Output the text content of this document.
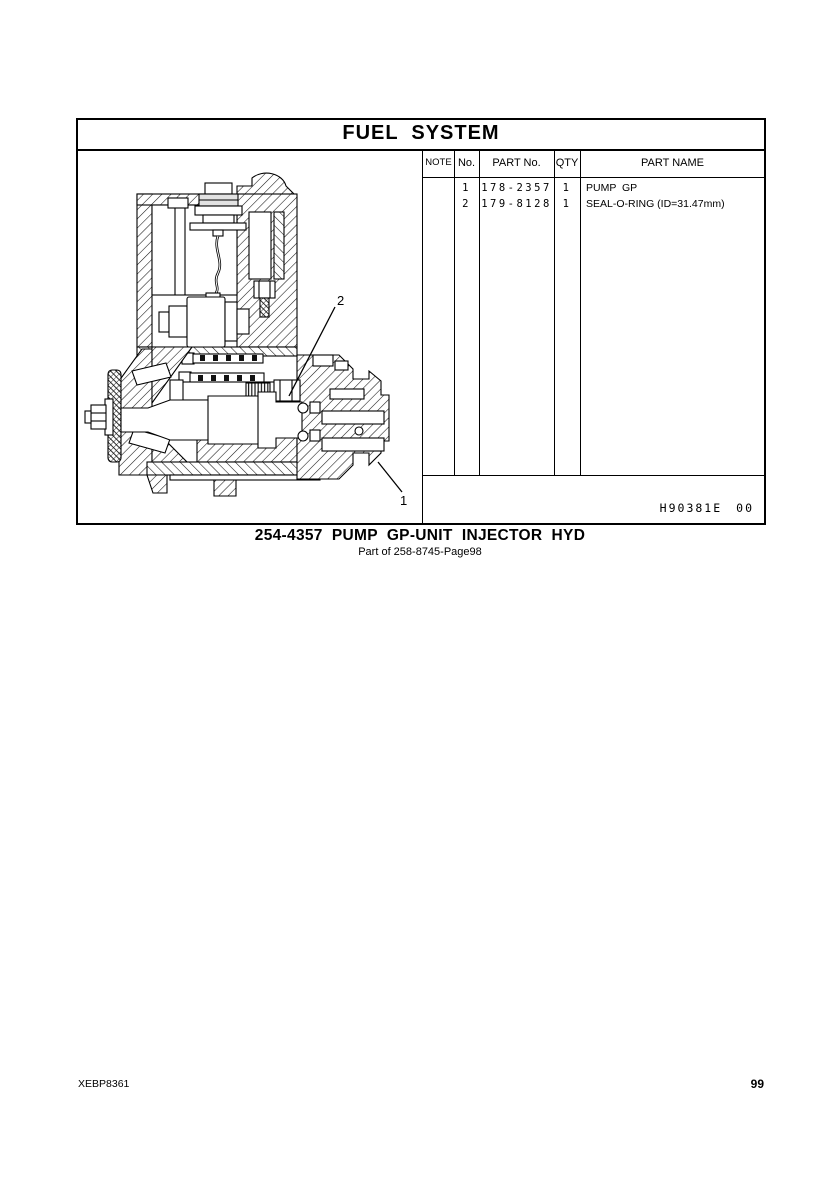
FUEL  SYSTEM
2
1
NOTE No.	PART No.	QTY	PART NAME
1 178-2357	1	PUMP  GP
2 179-8128	1	SEAL-O-RING (ID=31.47mm)
H90381E 00
254-4357  PUMP  GP-UNIT  INJECTOR  HYD
Part of 258-8745-Page98
XEBP8361	99
